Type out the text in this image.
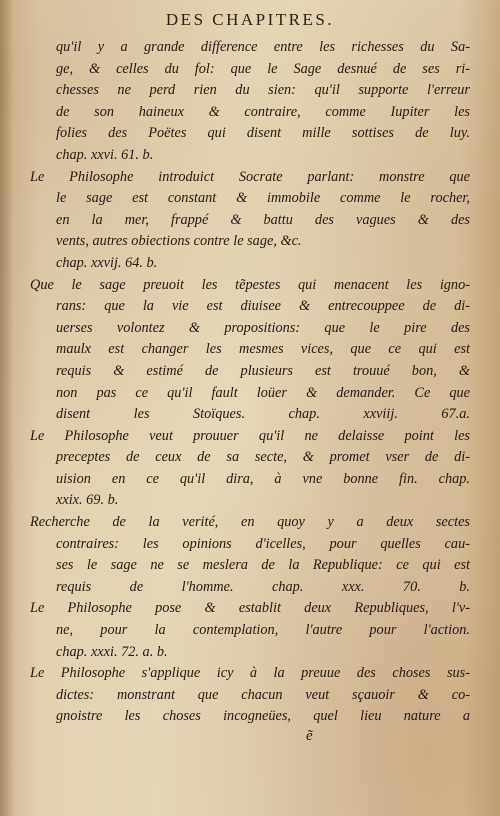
DES CHAPITRES.
qu'il y a grande difference entre les richesses du Sa-
ge, & celles du fol: que le Sage desnué de ses ri-
chesses ne perd rien du sien: qu'il supporte l'erreur
de son haineux & contraire, comme Iupiter les
folies des Poëtes qui disent mille sottises de luy.
chap. xxvi. 61. b.
Le Philosophe introduict Socrate parlant: monstre que
le sage est constant & immobile comme le rocher,
en la mer, frappé & battu des vagues & des
vents, autres obiections contre le sage, &c.
chap. xxvij. 64. b.
Que le sage preuoit les tẽpestes qui menacent les igno-
rans: que la vie est diuisee & entrecouppee de di-
uerses volontez & propositions: que le pire des
maulx est changer les mesmes vices, que ce qui est
requis & estimé de plusieurs est trouué bon, &
non pas ce qu'il fault loüer & demander. Ce que
disent les Stoïques. chap. xxviij. 67.a.
Le Philosophe veut prouuer qu'il ne delaisse point les
preceptes de ceux de sa secte, & promet vser de di-
uision en ce qu'il dira, à vne bonne fin. chap.
xxix. 69. b.
Recherche de la verité, en quoy y a deux sectes
contraires: les opinions d'icelles, pour quelles cau-
ses le sage ne se meslera de la Republique: ce qui est
requis de l'homme. chap. xxx. 70. b.
Le Philosophe pose & establit deux Republiques, l'v-
ne, pour la contemplation, l'autre pour l'action.
chap. xxxi. 72. a. b.
Le Philosophe s'applique icy à la preuue des choses sus-
dictes: monstrant que chacun veut sçauoir & co-
gnoistre les choses incogneües, quel lieu nature a
ẽ
